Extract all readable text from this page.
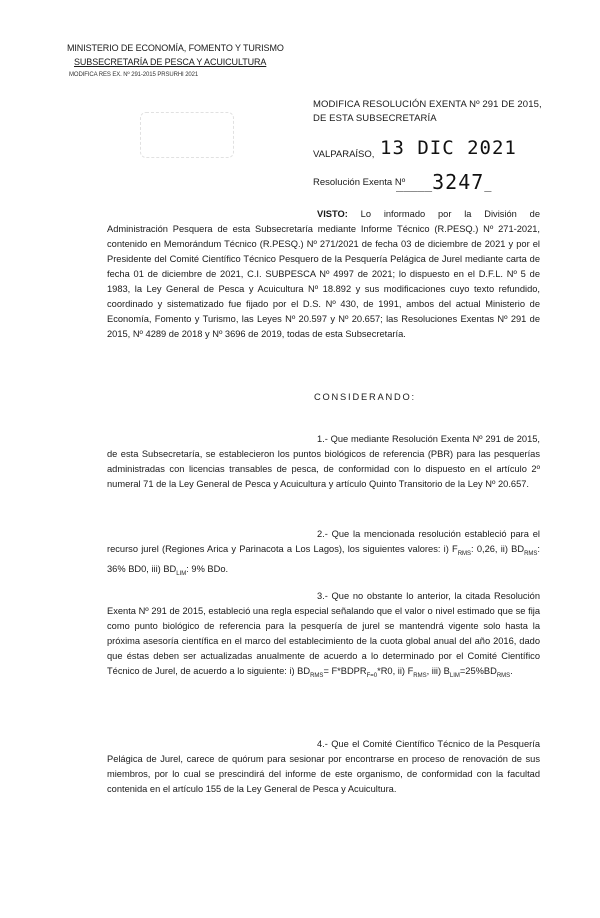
MINISTERIO DE ECONOMÍA, FOMENTO Y TURISMO
SUBSECRETARÍA DE PESCA Y ACUICULTURA
MODIFICA RES EX. Nº 291-2015 PRSURHI 2021
MODIFICA RESOLUCIÓN EXENTA Nº 291 DE 2015,
DE ESTA SUBSECRETARÍA
VALPARAÍSO, 13 DIC 2021
Resolución Exenta Nº
_____3247_
VISTO: Lo informado por la División de Administración Pesquera de esta Subsecretaría mediante Informe Técnico (R.PESQ.) Nº 271-2021, contenido en Memorándum Técnico (R.PESQ.) Nº 271/2021 de fecha 03 de diciembre de 2021 y por el Presidente del Comité Científico Técnico Pesquero de la Pesquería Pelágica de Jurel mediante carta de fecha 01 de diciembre de 2021, C.I. SUBPESCA Nº 4997 de 2021; lo dispuesto en el D.F.L. Nº 5 de 1983, la Ley General de Pesca y Acuicultura Nº 18.892 y sus modificaciones cuyo texto refundido, coordinado y sistematizado fue fijado por el D.S. Nº 430, de 1991, ambos del actual Ministerio de Economía, Fomento y Turismo, las Leyes Nº 20.597 y Nº 20.657; las Resoluciones Exentas Nº 291 de 2015, Nº 4289 de 2018 y Nº 3696 de 2019, todas de esta Subsecretaría.
CONSIDERANDO:
1.- Que mediante Resolución Exenta Nº 291 de 2015, de esta Subsecretaría, se establecieron los puntos biológicos de referencia (PBR) para las pesquerías administradas con licencias transables de pesca, de conformidad con lo dispuesto en el artículo 2º numeral 71 de la Ley General de Pesca y Acuicultura y artículo Quinto Transitorio de la Ley Nº 20.657.
2.- Que la mencionada resolución estableció para el recurso jurel (Regiones Arica y Parinacota a Los Lagos), los siguientes valores: i) $F_{RMS}$: 0,26, ii) $BD_{RMS}$: 36% BD0, iii) $BD_{LIM}$: 9% BDo.
3.- Que no obstante lo anterior, la citada Resolución Exenta Nº 291 de 2015, estableció una regla especial señalando que el valor o nivel estimado que se fija como punto biológico de referencia para la pesquería de jurel se mantendrá vigente solo hasta la próxima asesoría científica en el marco del establecimiento de la cuota global anual del año 2016, dado que éstas deben ser actualizadas anualmente de acuerdo a lo determinado por el Comité Científico Técnico de Jurel, de acuerdo a lo siguiente: i) $BD_{RMS}=$ $F*BDPR_{F=0}*R0$, ii) $F_{RMS}$, iii) $B_{LIM}=25\%BD_{RMS}$.
4.- Que el Comité Científico Técnico de la Pesquería Pelágica de Jurel, carece de quórum para sesionar por encontrarse en proceso de renovación de sus miembros, por lo cual se prescindirá del informe de este organismo, de conformidad con la facultad contenida en el artículo 155 de la Ley General de Pesca y Acuicultura.
